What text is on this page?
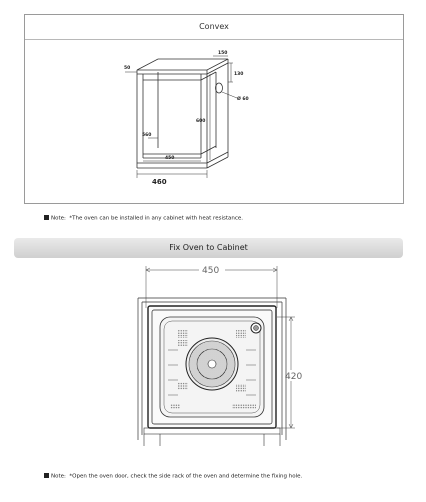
Convex
150
130
50
Ø 60
600
560
450
460
Note: *The oven can be installed in any cabinet with heat resistance.
Fix Oven to Cabinet
450
420
Note: *Open the oven door, check the side rack of the oven and determine the fixing hole.
